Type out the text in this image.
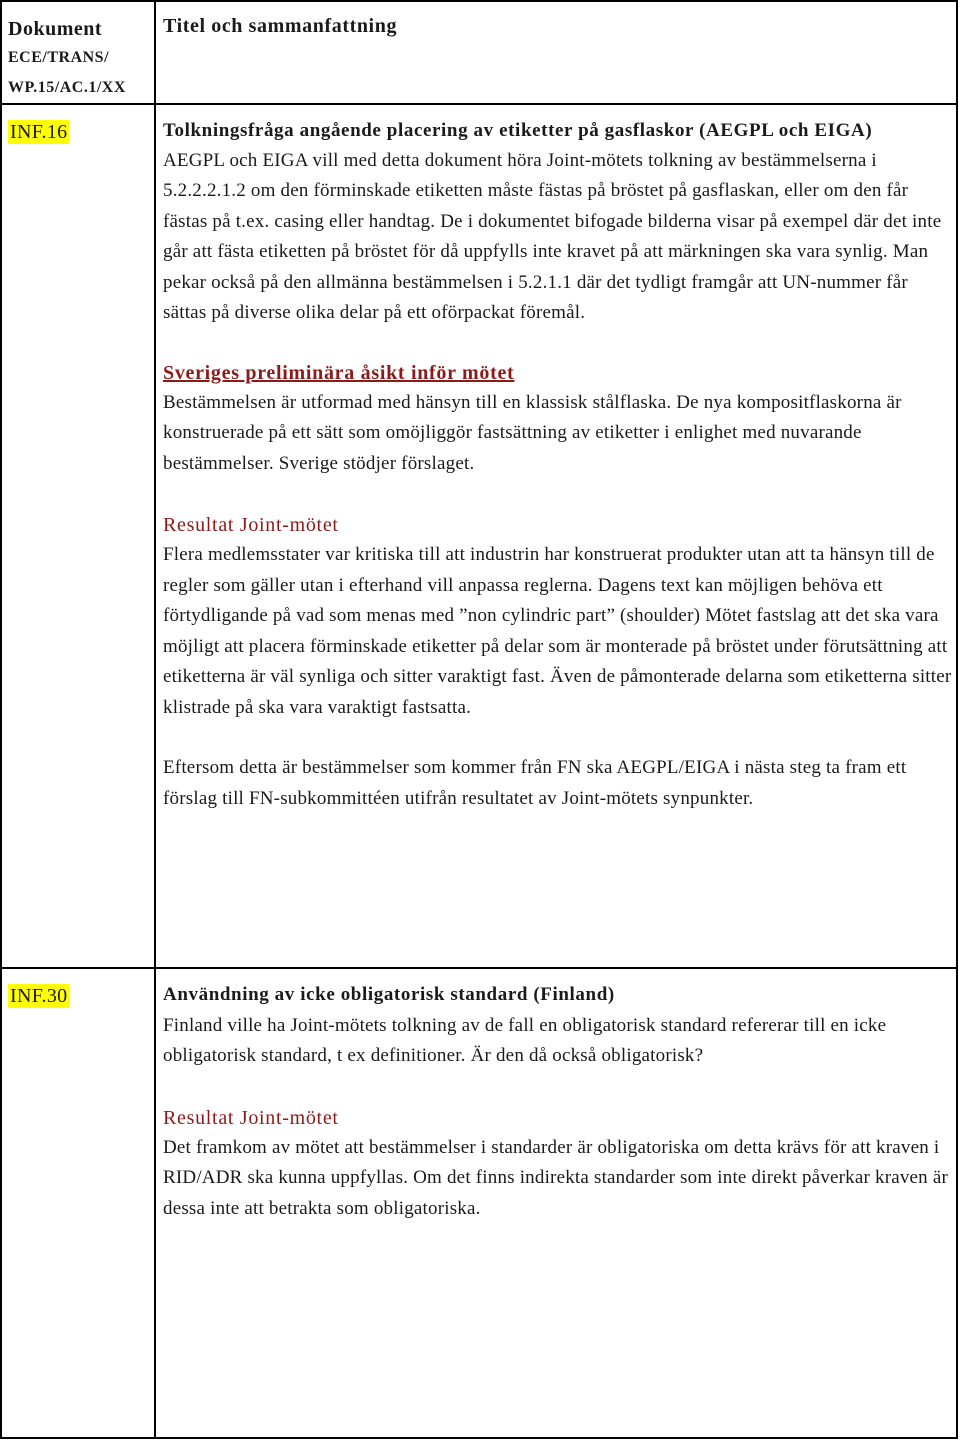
Dokument
ECE/TRANS/
WP.15/AC.1/XX
Titel och sammanfattning
INF.16	Tolkningsfråga angående placering av etiketter på gasflaskor (AEGPL och EIGA)

AEGPL och EIGA vill med detta dokument höra Joint-mötets tolkning av bestämmelserna i 5.2.2.2.1.2 om den förminskade etiketten måste fästas på bröstet på gasflaskan, eller om den får fästas på t.ex. casing eller handtag. De i dokumentet bifogade bilderna visar på exempel där det inte går att fästa etiketten på bröstet för då uppfylls inte kravet på att märkningen ska vara synlig. Man pekar också på den allmänna bestämmelsen i 5.2.1.1 där det tydligt framgår att UN-nummer får sättas på diverse olika delar på ett oförpackat föremål.

Sveriges preliminära åsikt inför mötet

Bestämmelsen är utformad med hänsyn till en klassisk stålflaska. De nya kompositflaskorna är konstruerade på ett sätt som omöjliggör fastsättning av etiketter i enlighet med nuvarande bestämmelser. Sverige stödjer förslaget.

Resultat Joint-mötet

Flera medlemsstater var kritiska till att industrin har konstruerat produkter utan att ta hänsyn till de regler som gäller utan i efterhand vill anpassa reglerna. Dagens text kan möjligen behöva ett förtydligande på vad som menas med ”non cylindric part” (shoulder) Mötet fastslag att det ska vara möjligt att placera förminskade etiketter på delar som är monterade på bröstet under förutsättning att etiketterna är väl synliga och sitter varaktigt fast. Även de påmonterade delarna som etiketterna sitter klistrade på ska vara varaktigt fastsatta.

Eftersom detta är bestämmelser som kommer från FN ska AEGPL/EIGA i nästa steg ta fram ett förslag till FN-subkommittéen utifrån resultatet av Joint-mötets synpunkter.

INF.30	Användning av icke obligatorisk standard (Finland)

Finland ville ha Joint-mötets tolkning av de fall en obligatorisk standard refererar till en icke obligatorisk standard, t ex definitioner. Är den då också obligatorisk?

Resultat Joint-mötet

Det framkom av mötet att bestämmelser i standarder är obligatoriska om detta krävs för att kraven i RID/ADR ska kunna uppfyllas. Om det finns indirekta standarder som inte direkt påverkar kraven är dessa inte att betrakta som obligatoriska.
